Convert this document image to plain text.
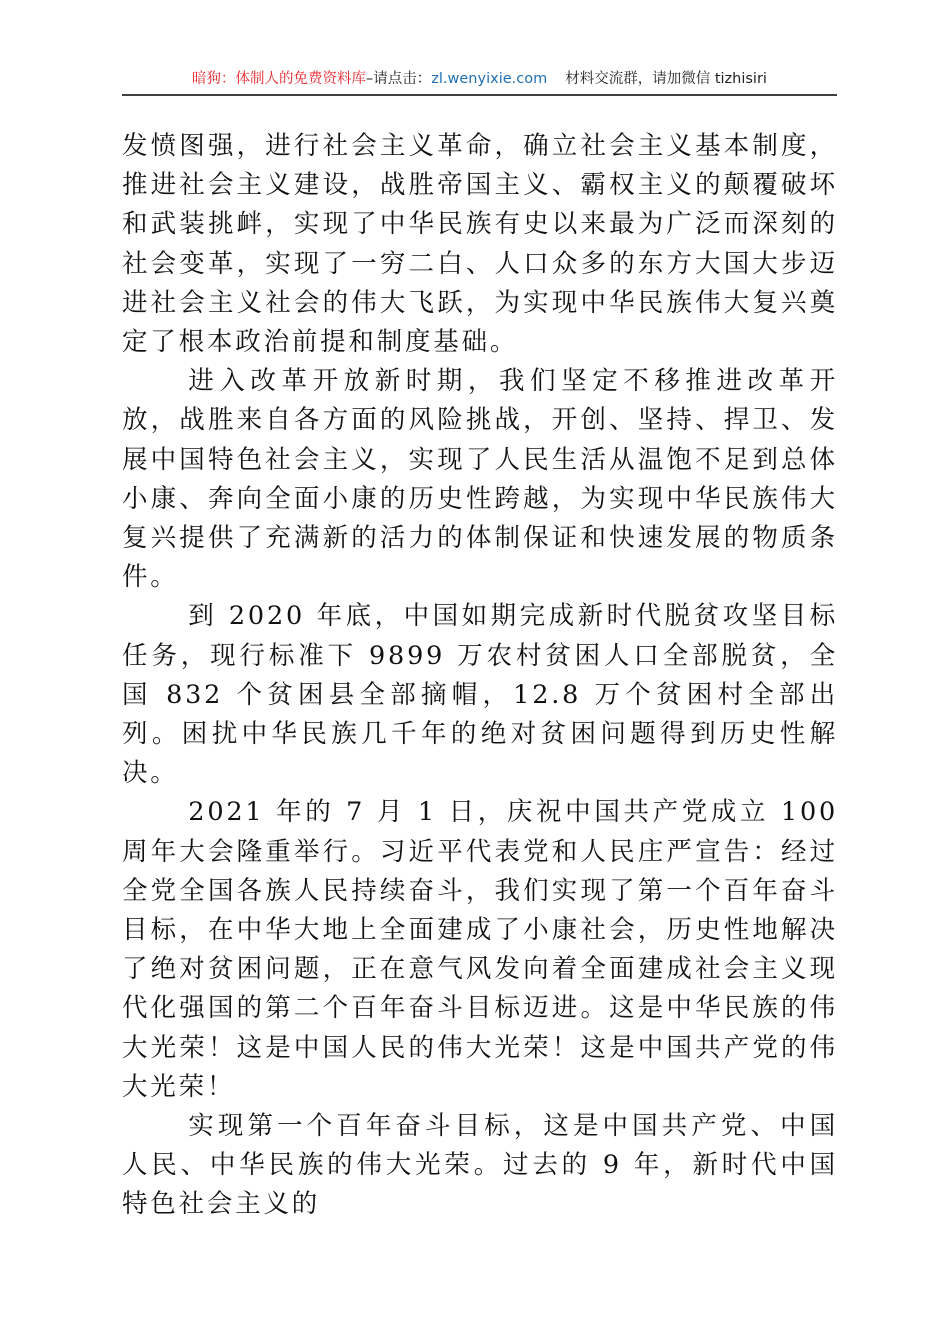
暗狗：体制人的免费资料库–请点击：zl.wenyixie.com 材料交流群，请加微信 tizhisiri

发愤图强，进行社会主义革命，确立社会主义基本制度，推进社会主义建设，战胜帝国主义、霸权主义的颠覆破坏和武装挑衅，实现了中华民族有史以来最为广泛而深刻的社会变革，实现了一穷二白、人口众多的东方大国大步迈进社会主义社会的伟大飞跃，为实现中华民族伟大复兴奠定了根本政治前提和制度基础。

进入改革开放新时期，我们坚定不移推进改革开放，战胜来自各方面的风险挑战，开创、坚持、捍卫、发展中国特色社会主义，实现了人民生活从温饱不足到总体小康、奔向全面小康的历史性跨越，为实现中华民族伟大复兴提供了充满新的活力的体制保证和快速发展的物质条件。

到 2020 年底，中国如期完成新时代脱贫攻坚目标任务，现行标准下 9899 万农村贫困人口全部脱贫，全国 832 个贫困县全部摘帽，12.8 万个贫困村全部出列。困扰中华民族几千年的绝对贫困问题得到历史性解决。

2021 年的 7 月 1 日，庆祝中国共产党成立 100 周年大会隆重举行。习近平代表党和人民庄严宣告：经过全党全国各族人民持续奋斗，我们实现了第一个百年奋斗目标，在中华大地上全面建成了小康社会，历史性地解决了绝对贫困问题，正在意气风发向着全面建成社会主义现代化强国的第二个百年奋斗目标迈进。这是中华民族的伟大光荣！这是中国人民的伟大光荣！这是中国共产党的伟大光荣！

实现第一个百年奋斗目标，这是中国共产党、中国人民、中华民族的伟大光荣。过去的 9 年，新时代中国特色社会主义的
